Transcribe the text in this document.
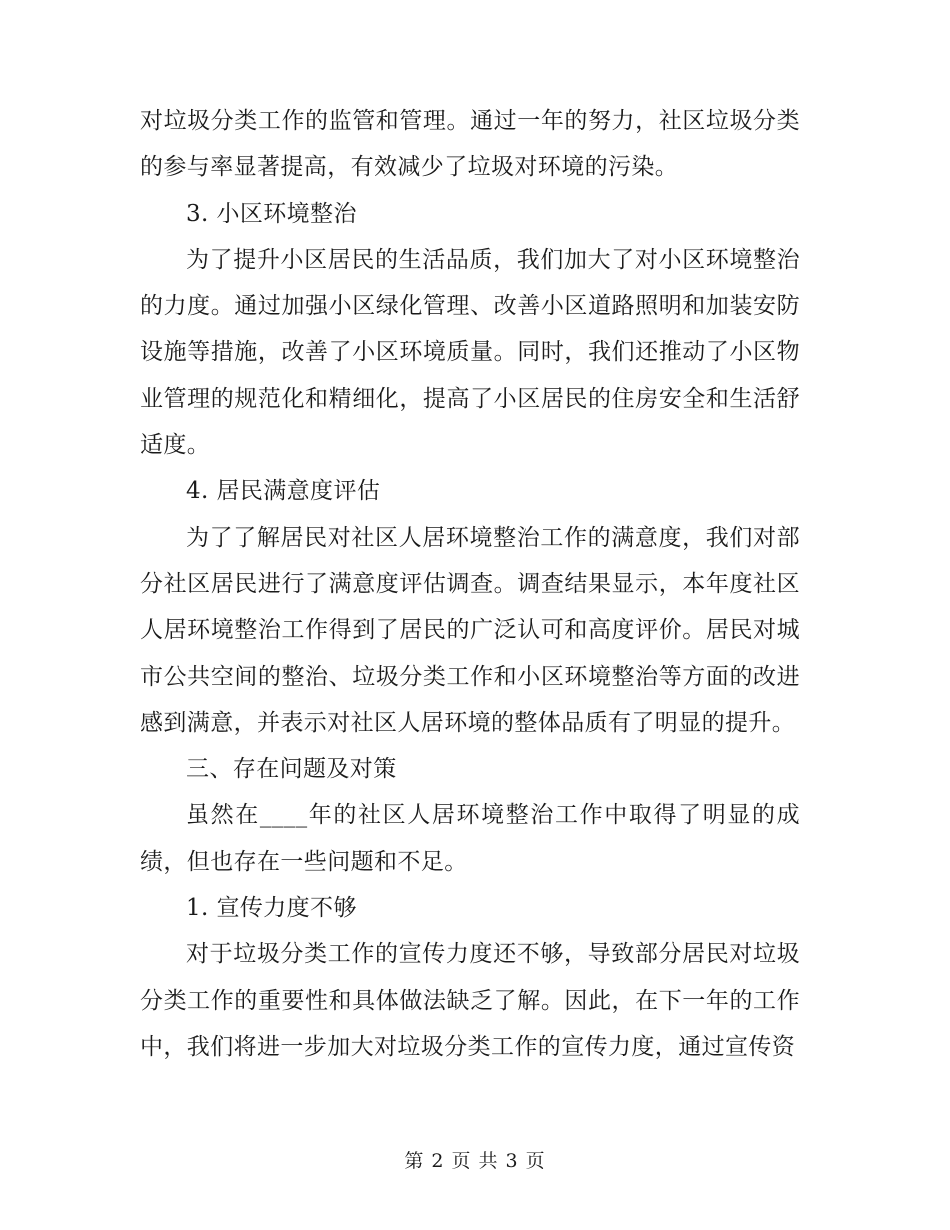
对垃圾分类工作的监管和管理。通过一年的努力，社区垃圾分类的参与率显著提高，有效减少了垃圾对环境的污染。

3. 小区环境整治

为了提升小区居民的生活品质，我们加大了对小区环境整治的力度。通过加强小区绿化管理、改善小区道路照明和加装安防设施等措施，改善了小区环境质量。同时，我们还推动了小区物业管理的规范化和精细化，提高了小区居民的住房安全和生活舒适度。

4. 居民满意度评估

为了了解居民对社区人居环境整治工作的满意度，我们对部分社区居民进行了满意度评估调查。调查结果显示，本年度社区人居环境整治工作得到了居民的广泛认可和高度评价。居民对城市公共空间的整治、垃圾分类工作和小区环境整治等方面的改进感到满意，并表示对社区人居环境的整体品质有了明显的提升。

三、存在问题及对策

虽然在____年的社区人居环境整治工作中取得了明显的成绩，但也存在一些问题和不足。

1. 宣传力度不够

对于垃圾分类工作的宣传力度还不够，导致部分居民对垃圾分类工作的重要性和具体做法缺乏了解。因此，在下一年的工作中，我们将进一步加大对垃圾分类工作的宣传力度，通过宣传资

第 2 页 共 3 页
